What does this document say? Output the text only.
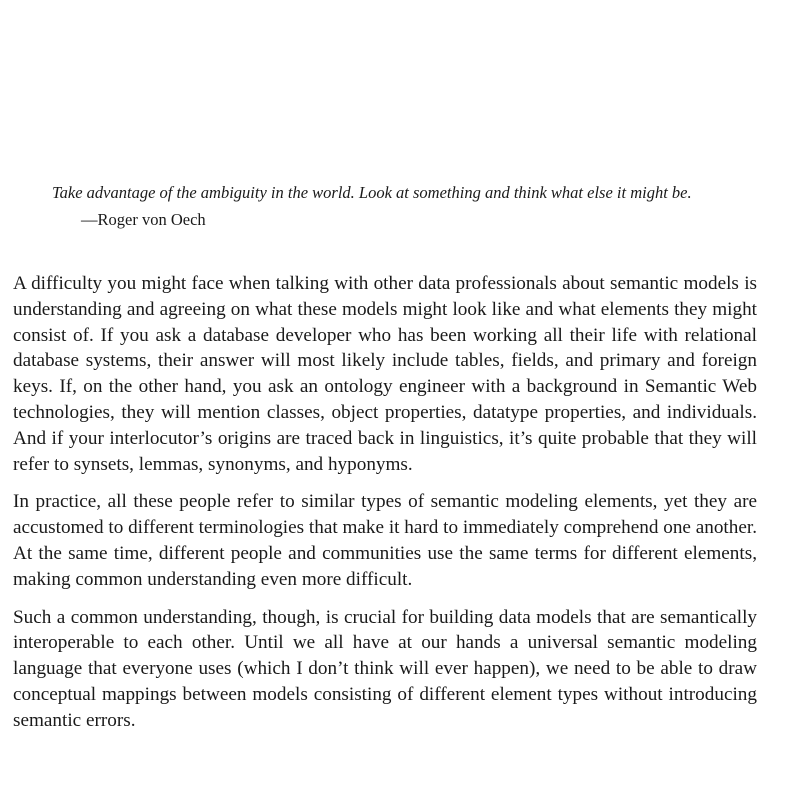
Take advantage of the ambiguity in the world. Look at something and think what else it might be.

—Roger von Oech

A difficulty you might face when talking with other data professionals about semantic models is understanding and agreeing on what these models might look like and what elements they might consist of. If you ask a database developer who has been working all their life with relational database systems, their answer will most likely include tables, fields, and primary and foreign keys. If, on the other hand, you ask an ontology engineer with a background in Semantic Web technologies, they will mention classes, object properties, datatype properties, and individuals. And if your interlocutor’s origins are traced back in linguistics, it’s quite probable that they will refer to synsets, lemmas, synonyms, and hyponyms.

In practice, all these people refer to similar types of semantic modeling elements, yet they are accustomed to different terminologies that make it hard to immediately comprehend one another. At the same time, different people and communities use the same terms for different elements, making common understanding even more difficult.

Such a common understanding, though, is crucial for building data models that are semantically interoperable to each other. Until we all have at our hands a universal semantic modeling language that everyone uses (which I don’t think will ever happen), we need to be able to draw conceptual mappings between models consisting of different element types without introducing semantic errors.
